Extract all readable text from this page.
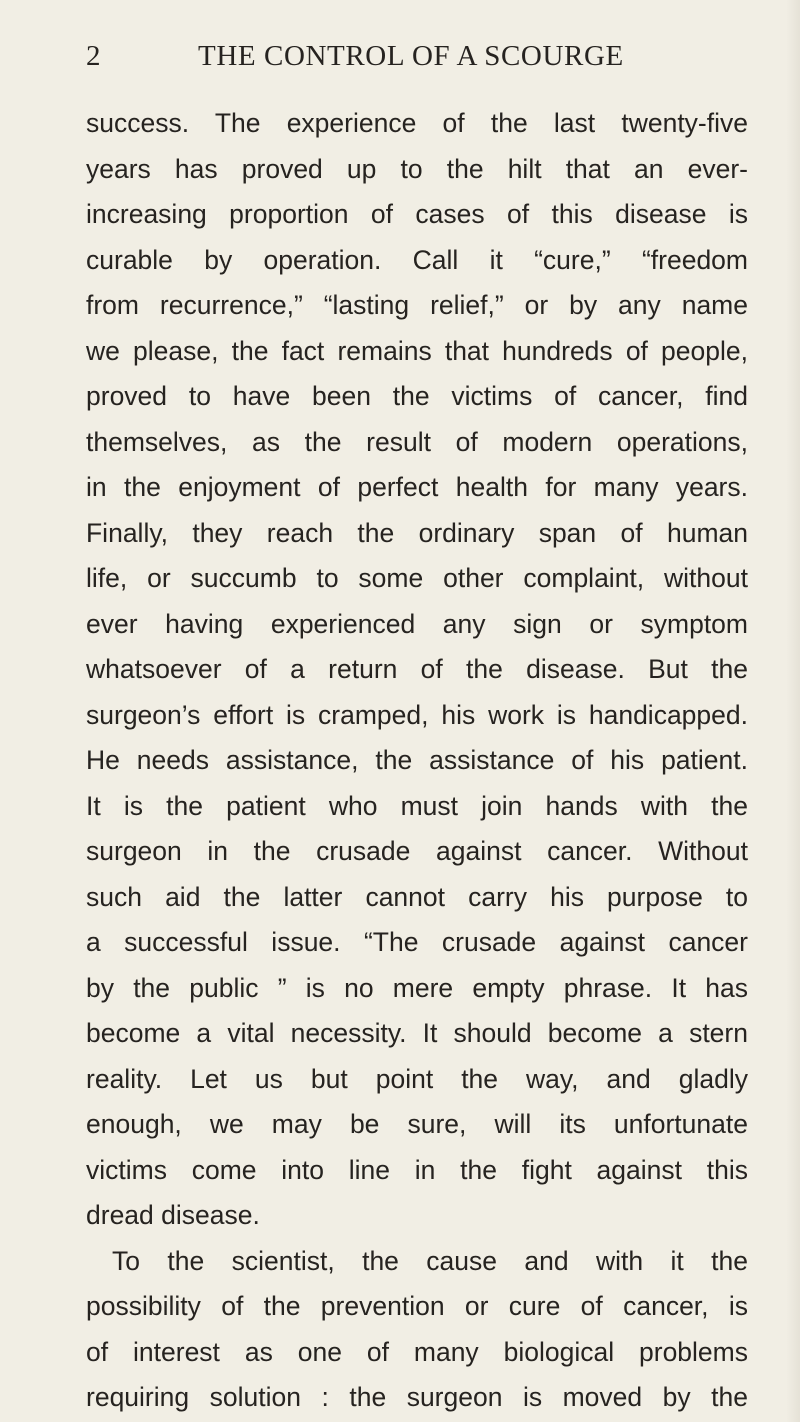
2	THE CONTROL OF A SCOURGE
success. The experience of the last twenty-five
years has proved up to the hilt that an ever-
increasing proportion of cases of this disease is
curable by operation. Call it “cure,” “freedom
from recurrence,” “lasting relief,” or by any name
we please, the fact remains that hundreds of people,
proved to have been the victims of cancer, find
themselves, as the result of modern operations,
in the enjoyment of perfect health for many years.
Finally, they reach the ordinary span of human
life, or succumb to some other complaint, without
ever having experienced any sign or symptom
whatsoever of a return of the disease. But the
surgeon’s effort is cramped, his work is handicapped.
He needs assistance, the assistance of his patient.
It is the patient who must join hands with the
surgeon in the crusade against cancer. Without
such aid the latter cannot carry his purpose to
a successful issue. “The crusade against cancer
by the public ” is no mere empty phrase. It has
become a vital necessity. It should become a stern
reality. Let us but point the way, and gladly
enough, we may be sure, will its unfortunate
victims come into line in the fight against this
dread disease.
To the scientist, the cause and with it the
possibility of the prevention or cure of cancer, is
of interest as one of many biological problems
requiring solution : the surgeon is moved by the
